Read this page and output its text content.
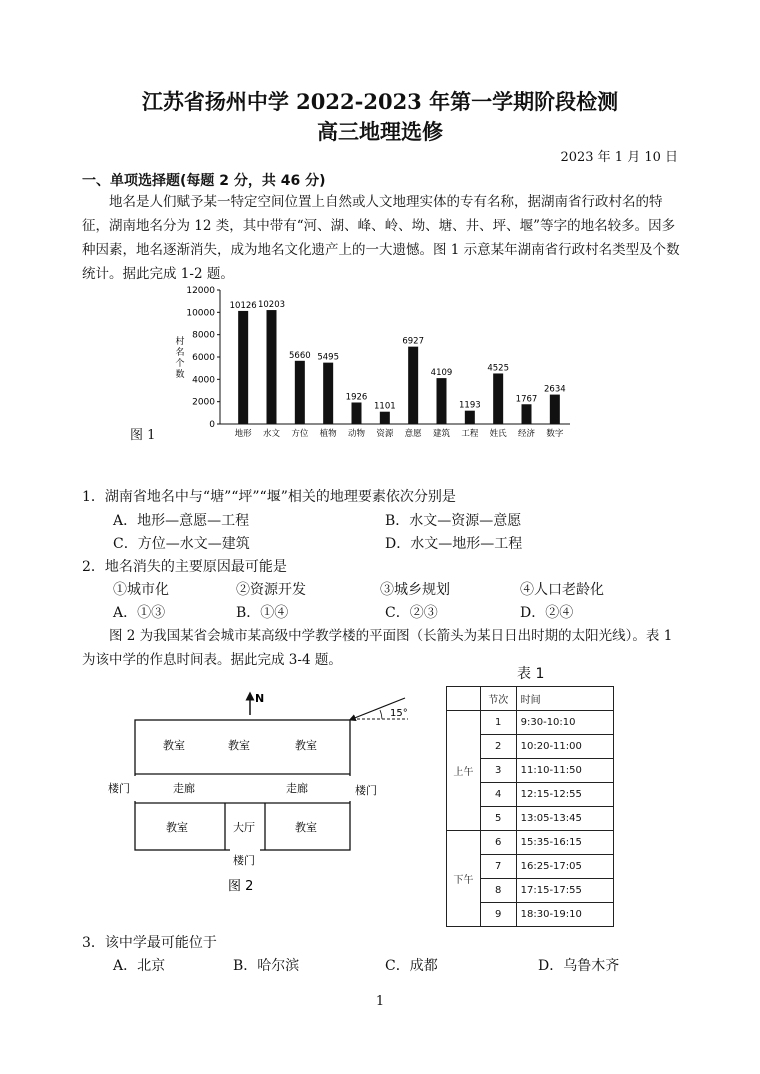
江苏省扬州中学 2022-2023 年第一学期阶段检测
高三地理选修
2023 年 1 月 10 日
一、单项选择题(每题 2 分，共 46 分)
地名是人们赋予某一特定空间位置上自然或人文地理实体的专有名称，据湖南省行政村名的特征，湖南地名分为 12 类，其中带有“河、湖、峰、岭、坳、塘、井、坪、堰”等字的地名较多。因多种因素，地名逐渐消失，成为地名文化遗产上的一大遗憾。图 1 示意某年湖南省行政村名类型及个数统计。据此完成 1-2 题。
0
2000
4000
6000
8000
10000
12000
村
名
个
数
10126
地形
10203
水文
5660
方位
5495
植物
1926
动物
1101
资源
6927
意愿
4109
建筑
1193
工程
4525
姓氏
1767
经济
2634
数字
图 1
1．湖南省地名中与“塘”“坪”“堰”相关的地理要素依次分别是
A．地形—意愿—工程	B．水文—资源—意愿
C．方位—水文—建筑	D．水文—地形—工程
2．地名消失的主要原因最可能是
①城市化	②资源开发	③城乡规划	④人口老龄化
A．①③	B．①④	C．②③	D．②④
图 2 为我国某省会城市某高级中学教学楼的平面图（长箭头为某日日出时期的太阳光线）。表 1 为该中学的作息时间表。据此完成 3-4 题。
N
15°
教室	教室	教室
走廊	走廊
教室	大厅	教室
楼门	楼门
楼门
图 2
表 1
	节次	时间
上午	1	9:30-10:10
	2	10:20-11:00
	3	11:10-11:50
	4	12:15-12:55
	5	13:05-13:45
下午	6	15:35-16:15
	7	16:25-17:05
	8	17:15-17:55
	9	18:30-19:10
3．该中学最可能位于
A．北京	B．哈尔滨	C．成都	D．乌鲁木齐
1
